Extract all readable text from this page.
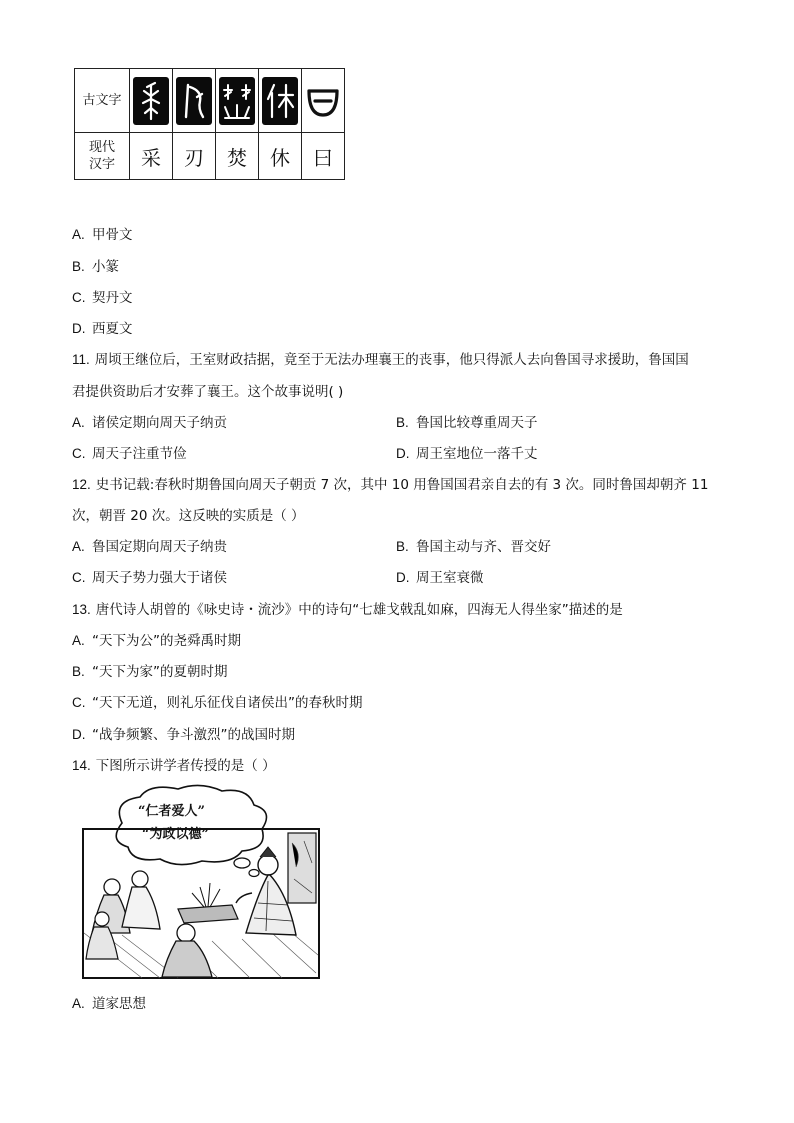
古文字	

现代
汉字	采	刃	焚	休	曰
A. 甲骨文
B. 小篆
C. 契丹文
D. 西夏文
11. 周顷王继位后，王室财政拮据，竟至于无法办理襄王的丧事，他只得派人去向鲁国寻求援助，鲁国国
君提供资助后才安葬了襄王。这个故事说明( )
A. 诸侯定期向周天子纳贡	B. 鲁国比较尊重周天子
C. 周天子注重节俭	D. 周王室地位一落千丈
12. 史书记载:春秋时期鲁国向周天子朝贡 7 次，其中 10 用鲁国国君亲自去的有 3 次。同时鲁国却朝齐 11
次，朝晋 20 次。这反映的实质是（ ）
A. 鲁国定期向周天子纳贵	B. 鲁国主动与齐、晋交好
C. 周天子势力强大于诸侯	D. 周王室衰微
13. 唐代诗人胡曾的《咏史诗・流沙》中的诗句“七雄戈戟乱如麻，四海无人得坐家”描述的是
A. “天下为公”的尧舜禹时期
B. “天下为家”的夏朝时期
C. “天下无道，则礼乐征伐自诸侯出”的春秋时期
D. “战争频繁、争斗激烈”的战国时期
14. 下图所示讲学者传授的是（ ）
“仁者爱人”
“为政以德”
A. 道家思想
